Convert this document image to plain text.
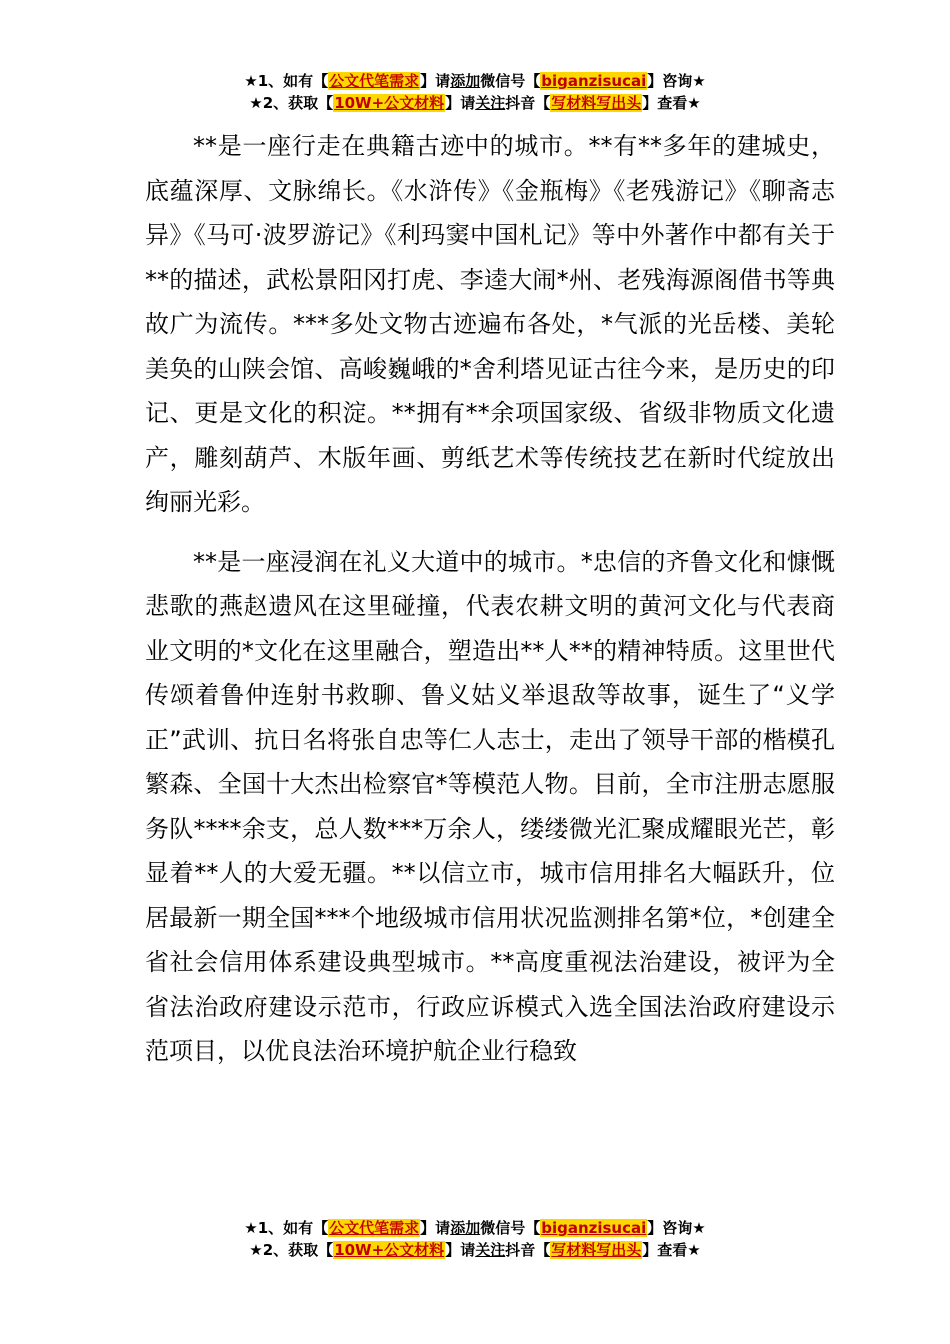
★1、如有【公文代笔需求】请添加微信号【biganzisucai】咨询★
★2、获取【10W+公文材料】请关注抖音【写材料写出头】查看★

**是一座行走在典籍古迹中的城市。**有**多年的建城史，底蕴深厚、文脉绵长。《水浒传》《金瓶梅》《老残游记》《聊斋志异》《马可·波罗游记》《利玛窦中国札记》等中外著作中都有关于**的描述，武松景阳冈打虎、李逵大闹*州、老残海源阁借书等典故广为流传。***多处文物古迹遍布各处，*气派的光岳楼、美轮美奂的山陕会馆、高峻巍峨的*舍利塔见证古往今来，是历史的印记、更是文化的积淀。**拥有**余项国家级、省级非物质文化遗产，雕刻葫芦、木版年画、剪纸艺术等传统技艺在新时代绽放出绚丽光彩。

**是一座浸润在礼义大道中的城市。*忠信的齐鲁文化和慷慨悲歌的燕赵遗风在这里碰撞，代表农耕文明的黄河文化与代表商业文明的*文化在这里融合，塑造出**人**的精神特质。这里世代传颂着鲁仲连射书救聊、鲁义姑义举退敌等故事，诞生了“义学正”武训、抗日名将张自忠等仁人志士，走出了领导干部的楷模孔繁森、全国十大杰出检察官*等模范人物。目前，全市注册志愿服务队****余支，总人数***万余人，缕缕微光汇聚成耀眼光芒，彰显着**人的大爱无疆。**以信立市，城市信用排名大幅跃升，位居最新一期全国***个地级城市信用状况监测排名第*位，*创建全省社会信用体系建设典型城市。**高度重视法治建设，被评为全省法治政府建设示范市，行政应诉模式入选全国法治政府建设示范项目，以优良法治环境护航企业行稳致

★1、如有【公文代笔需求】请添加微信号【biganzisucai】咨询★
★2、获取【10W+公文材料】请关注抖音【写材料写出头】查看★
